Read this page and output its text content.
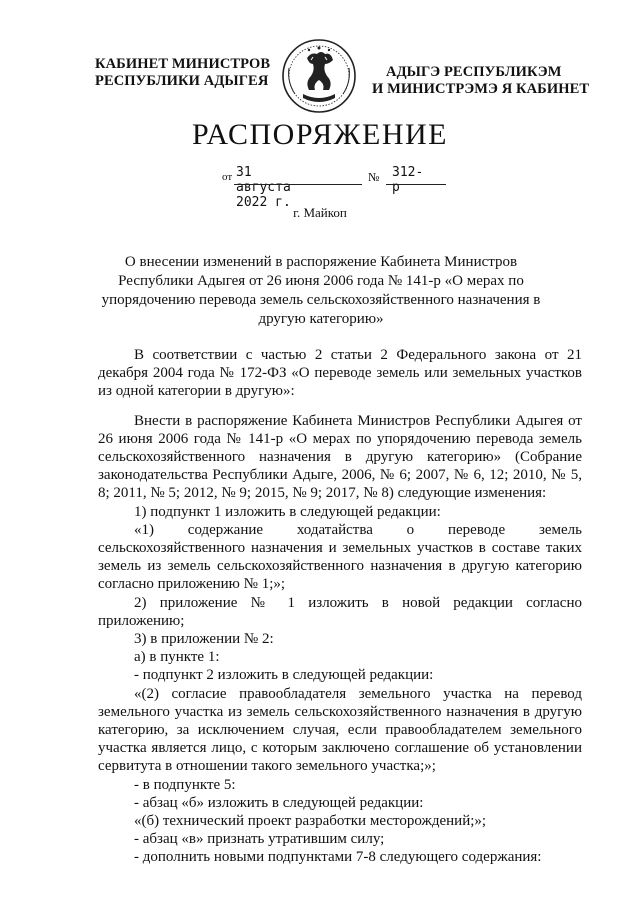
КАБИНЕТ МИНИСТРОВ
РЕСПУБЛИКИ АДЫГЕЯ
АДЫГЭ РЕСПУБЛИКЭМ
И МИНИСТРЭМЭ Я КАБИНЕТ
РАСПОРЯЖЕНИЕ
от 31 августа 2022 г.
№ 312-р
г. Майкоп
О внесении изменений в распоряжение Кабинета Министров Республики Адыгея от 26 июня 2006 года № 141-р «О мерах по упорядочению перевода земель сельскохозяйственного назначения в другую категорию»

В соответствии с частью 2 статьи 2 Федерального закона от 21 декабря 2004 года № 172-ФЗ «О переводе земель или земельных участков из одной категории в другую»:

Внести в распоряжение Кабинета Министров Республики Адыгея от 26 июня 2006 года № 141-р «О мерах по упорядочению перевода земель сельскохозяйственного назначения в другую категорию» (Собрание законодательства Республики Адыге, 2006, № 6; 2007, № 6, 12; 2010, № 5, 8; 2011, № 5; 2012, № 9; 2015, № 9; 2017, № 8) следующие изменения:

1) подпункт 1 изложить в следующей редакции:

«1) содержание ходатайства о переводе земель сельскохозяйственного назначения и земельных участков в составе таких земель из земель сельскохозяйственного назначения в другую категорию согласно приложению № 1;»;

2) приложение № 1 изложить в новой редакции согласно приложению;

3) в приложении № 2:

а) в пункте 1:

- подпункт 2 изложить в следующей редакции:

«(2) согласие правообладателя земельного участка на перевод земельного участка из земель сельскохозяйственного назначения в другую категорию, за исключением случая, если правообладателем земельного участка является лицо, с которым заключено соглашение об установлении сервитута в отношении такого земельного участка;»;

- в подпункте 5:

- абзац «б» изложить в следующей редакции:

«(б) технический проект разработки месторождений;»;

- абзац «в» признать утратившим силу;

- дополнить новыми подпунктами 7-8 следующего содержания:
